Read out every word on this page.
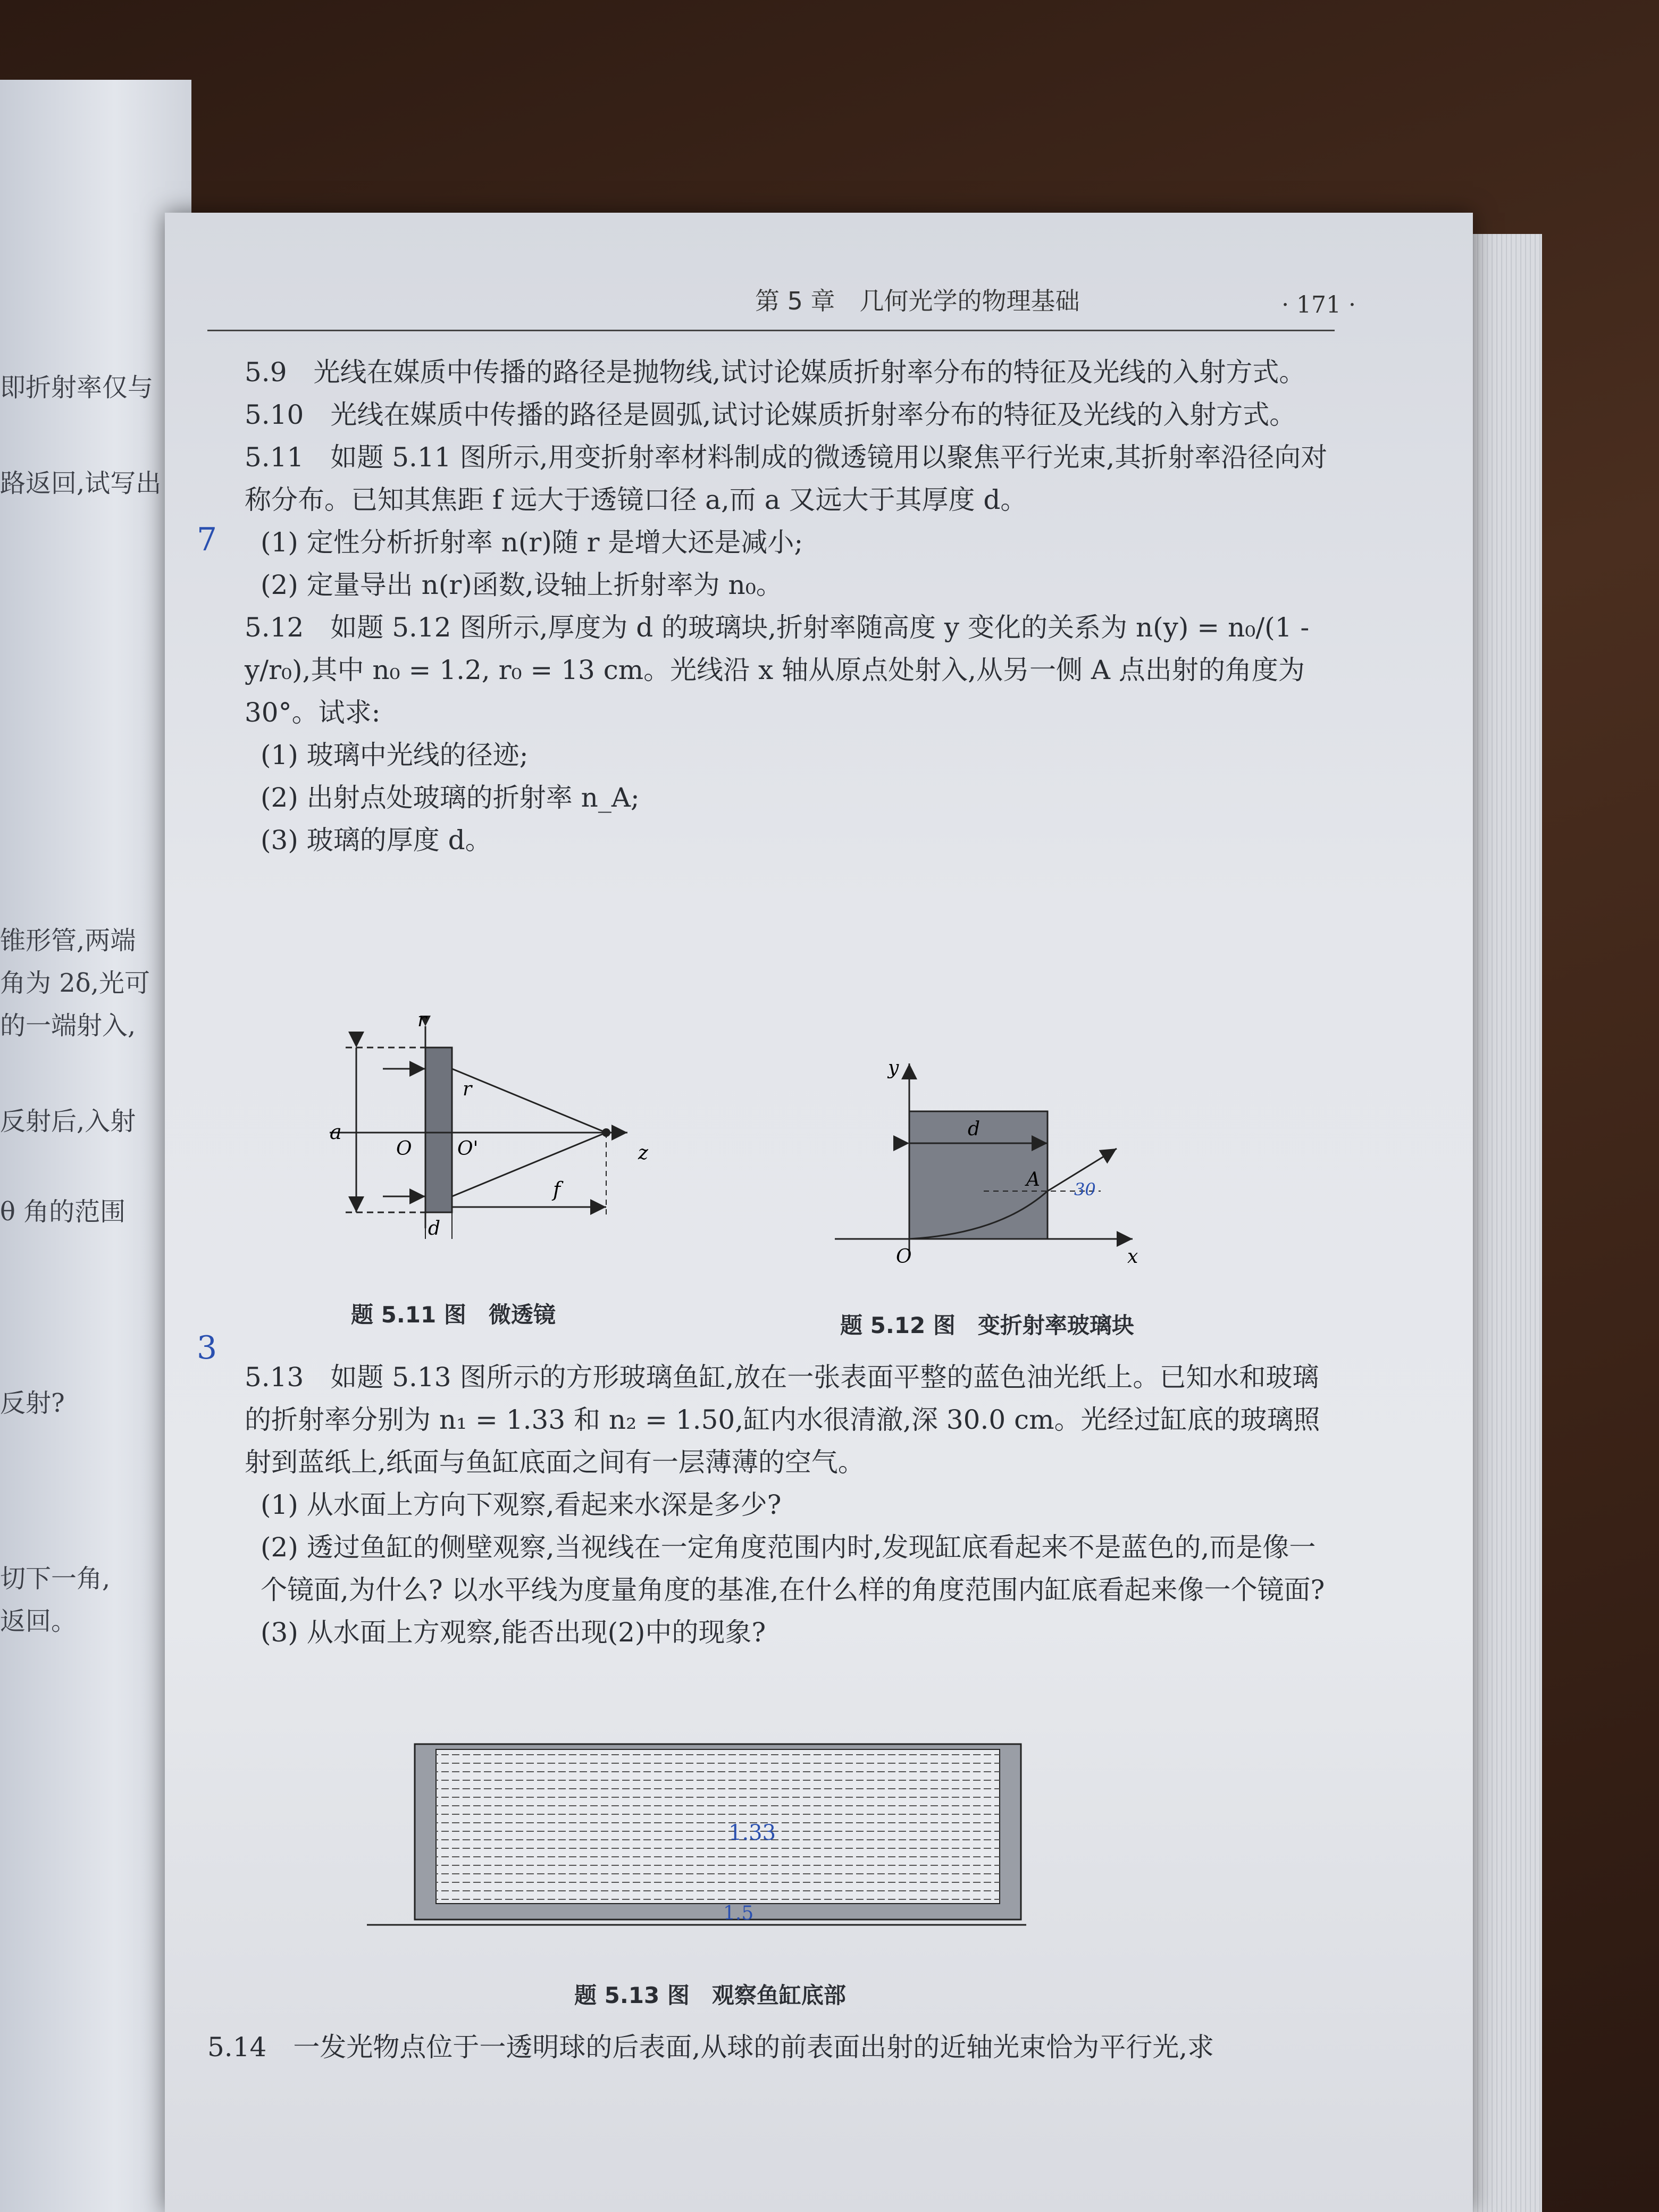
即折射率仅与
路返回,试写出
锥形管,两端
角为 2δ,光可
的一端射入,
反射后,入射
θ 角的范围
反射?
切下一角,
返回。
第 5 章　几何光学的物理基础	· 171 ·

5.9　光线在媒质中传播的路径是抛物线,试讨论媒质折射率分布的特征及光线的入射方式。

5.10　光线在媒质中传播的路径是圆弧,试讨论媒质折射率分布的特征及光线的入射方式。

5.11　如题 5.11 图所示,用变折射率材料制成的微透镜用以聚焦平行光束,其折射率沿径向对称分布。已知其焦距 f 远大于透镜口径 a,而 a 又远大于其厚度 d。

(1) 定性分析折射率 n(r)随 r 是增大还是减小;

(2) 定量导出 n(r)函数,设轴上折射率为 n₀。

5.12　如题 5.12 图所示,厚度为 d 的玻璃块,折射率随高度 y 变化的关系为 n(y) = n₀/(1 - y/r₀),其中 n₀ = 1.2, r₀ = 13 cm。光线沿 x 轴从原点处射入,从另一侧 A 点出射的角度为 30°。试求:

(1) 玻璃中光线的径迹;

(2) 出射点处玻璃的折射率 n_A;

(3) 玻璃的厚度 d。

r
a
O O'
r
z
f
d
题 5.11 图　微透镜
y
d
A 30
O	x
题 5.12 图　变折射率玻璃块

5.13　如题 5.13 图所示的方形玻璃鱼缸,放在一张表面平整的蓝色油光纸上。已知水和玻璃的折射率分别为 n₁ = 1.33 和 n₂ = 1.50,缸内水很清澈,深 30.0 cm。光经过缸底的玻璃照射到蓝纸上,纸面与鱼缸底面之间有一层薄薄的空气。

(1) 从水面上方向下观察,看起来水深是多少?

(2) 透过鱼缸的侧壁观察,当视线在一定角度范围内时,发现缸底看起来不是蓝色的,而是像一个镜面,为什么? 以水平线为度量角度的基准,在什么样的角度范围内缸底看起来像一个镜面?

(3) 从水面上方观察,能否出现(2)中的现象?

1.33
1.5
题 5.13 图　观察鱼缸底部

5.14　一发光物点位于一透明球的后表面,从球的前表面出射的近轴光束恰为平行光,求

7
3
